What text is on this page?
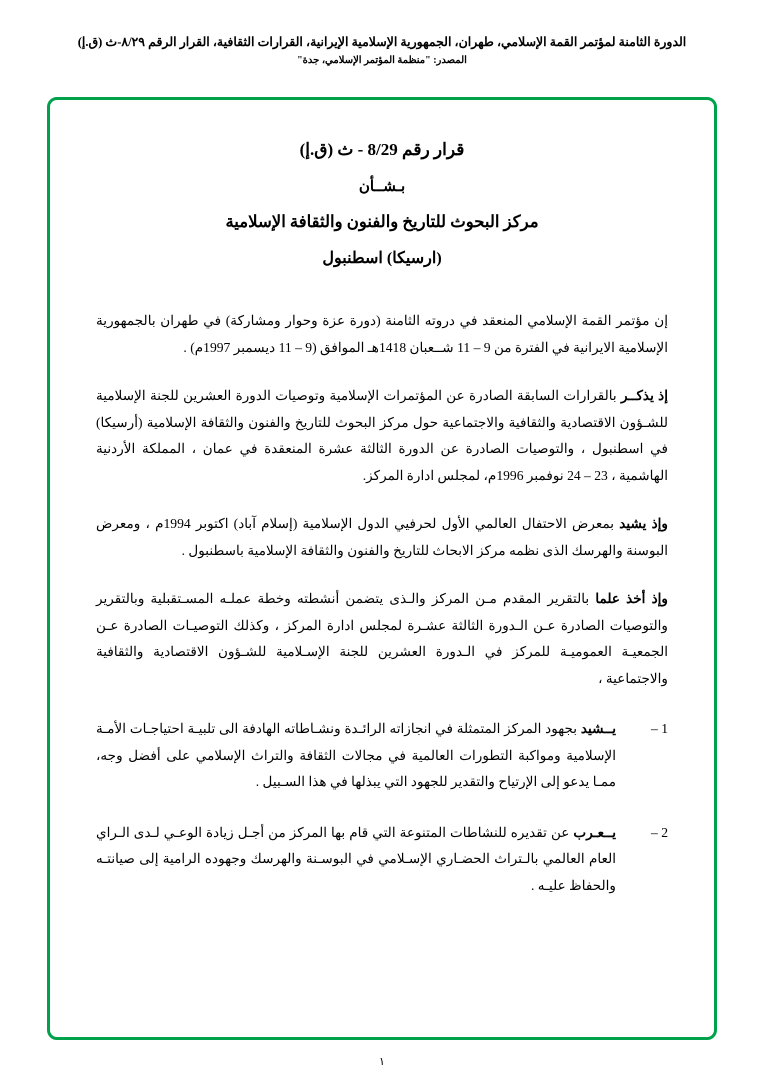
الدورة الثامنة لمؤتمر القمة الإسلامي، طهران، الجمهورية الإسلامية الإيرانية، القرارات الثقافية، القرار الرقم ٨/٢٩-ث (ق.إ)
المصدر: "منظمة المؤتمر الإسلامي، جدة"
قرار رقم 8/29 - ث (ق.إ)
بـشــأن
مركز البحوث للتاريخ والفنون والثقافة الإسلامية
(ارسيكا) اسطنبول
إن مؤتمر القمة الإسلامي المنعقد في دروته الثامنة (دورة عزة وحوار ومشاركة) في طهران بالجمهورية الإسلامية الايرانية في الفترة من 9 – 11 شــعبان 1418هـ الموافق (9 – 11 ديسمبر 1997م) .
إذ يذكــر بالقرارات السابقة الصادرة عن المؤتمرات الإسلامية وتوصيات الدورة العشرين للجنة الإسلامية للشـؤون الاقتصادية والثقافية والاجتماعية حول مركز البحوث للتاريخ والفنون والثقافة الإسلامية (أرسيكا) في اسطنبول ، والتوصيات الصادرة عن الدورة الثالثة عشرة المنعقدة في عمان ، المملكة الأردنية الهاشمية ، 23 – 24 نوفمبر 1996م، لمجلس ادارة المركز.
وإذ يشيد بمعرض الاحتفال العالمي الأول لحرفيي الدول الإسلامية (إسلام آباد) اكتوبر 1994م ، ومعرض البوسنة والهرسك الذى نظمه مركز الابحاث للتاريخ والفنون والثقافة الإسلامية باسطنبول .
وإذ أخذ علما بالتقرير المقدم مـن المركز والـذى يتضمن أنشطته وخطة عملـه المسـتقبلية وبالتقرير والتوصيات الصادرة عـن الـدورة الثالثة عشـرة لمجلس ادارة المركز ، وكذلك التوصيـات الصادرة عـن الجمعيـة العموميـة للمركز في الـدورة العشرين للجنة الإسـلامية للشـؤون الاقتصادية والثقافية والاجتماعية ،
1 –
يــشيد بجهود المركز المتمثلة في انجازاته الرائـدة ونشـاطاته الهادفة الى تلبيـة احتياجـات الأمـة الإسلامية ومواكبة التطورات العالمية في مجالات الثقافة والتراث الإسلامي على أفضل وجه، ممـا يدعو إلى الإرتياح والتقدير للجهود التي يبذلها في هذا السـبيل .
2 –
يــعـرب عن تقديره للنشاطات المتنوعة التي قام بها المركز من أجـل زيادة الوعـي لـدى الـراي العام العالمي بالـتراث الحضـاري الإسـلامي في البوسـنة والهرسك وجهوده الرامية إلى صيانتـه والحفاظ عليـه .
١
